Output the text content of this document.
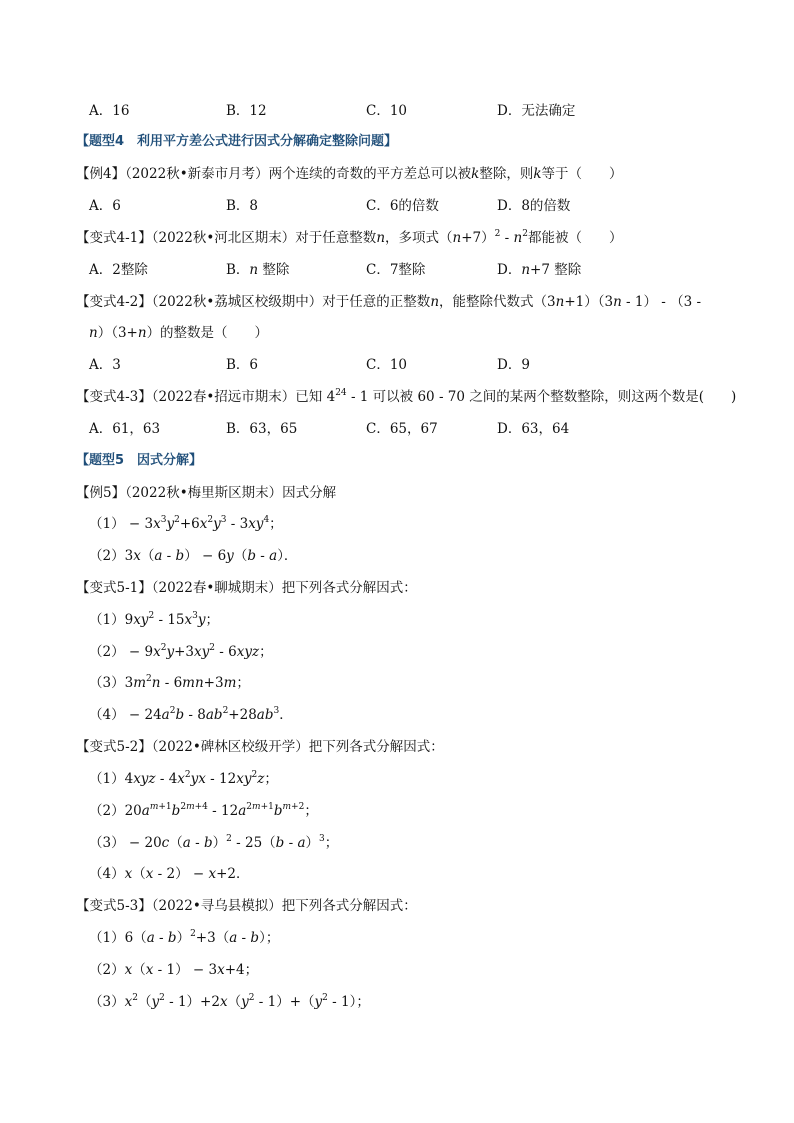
A．16	B．12	C．10	D．无法确定
【题型4　利用平方差公式进行因式分解确定整除问题】
【例4】（2022秋•新泰市月考）两个连续的奇数的平方差总可以被k整除，则k等于（　　）
A．6	B．8	C．6的倍数	D．8的倍数
【变式4-1】（2022秋•河北区期末）对于任意整数n，多项式$(n+7)^2 - n^2$都能被（　　）
A．2整除	B．n 整除	C．7整除	D．n+7 整除
【变式4-2】（2022秋•荔城区校级期中）对于任意的正整数n，能整除代数式（3n+1）（3n - 1） - （3 -
n）（3+n）的整数是（　　）
A．3	B．6	C．10	D．9
【变式4-3】（2022春•招远市期末）已知 $4^{24} - 1$ 可以被 60 - 70 之间的某两个整数整除，则这两个数是(　　)
A．61，63	B．63，65	C．65，67	D．63，64
【题型5　因式分解】
【例5】（2022秋•梅里斯区期末）因式分解
$(1) - 3x^3y^2+6x^2y^3 - 3xy^4$；
（2）3x（a - b） − 6y（b - a）．
【变式5-1】（2022春•聊城期末）把下列各式分解因式：
$(1)9xy^2 - 15x^3y$；
$(2) - 9x^2y+3xy^2 - 6xyz$；
$(3)3m^2n - 6mn+3m$；
$(4) - 24a^2b - 8ab^2+28ab^3$．
【变式5-2】（2022•碑林区校级开学）把下列各式分解因式：
$(1)4xyz - 4x^2yx - 12xy^2z$；
$(2)20a^{m+1}b^{2m+4} - 12a^{2m+1}b^{m+2}$；
（3） − 20c（a - b）$^2$ - 25（b - a）$^3$；
（4）x（x - 2） − x+2．
【变式5-3】（2022•寻乌县模拟）把下列各式分解因式：
（1）6（a - b）$^2$+3（a - b）；
（2）x（x - 1） − 3x+4；
$(3)x^2(y^2 - 1)+2x(y^2 - 1)+(y^2 - 1)$；
